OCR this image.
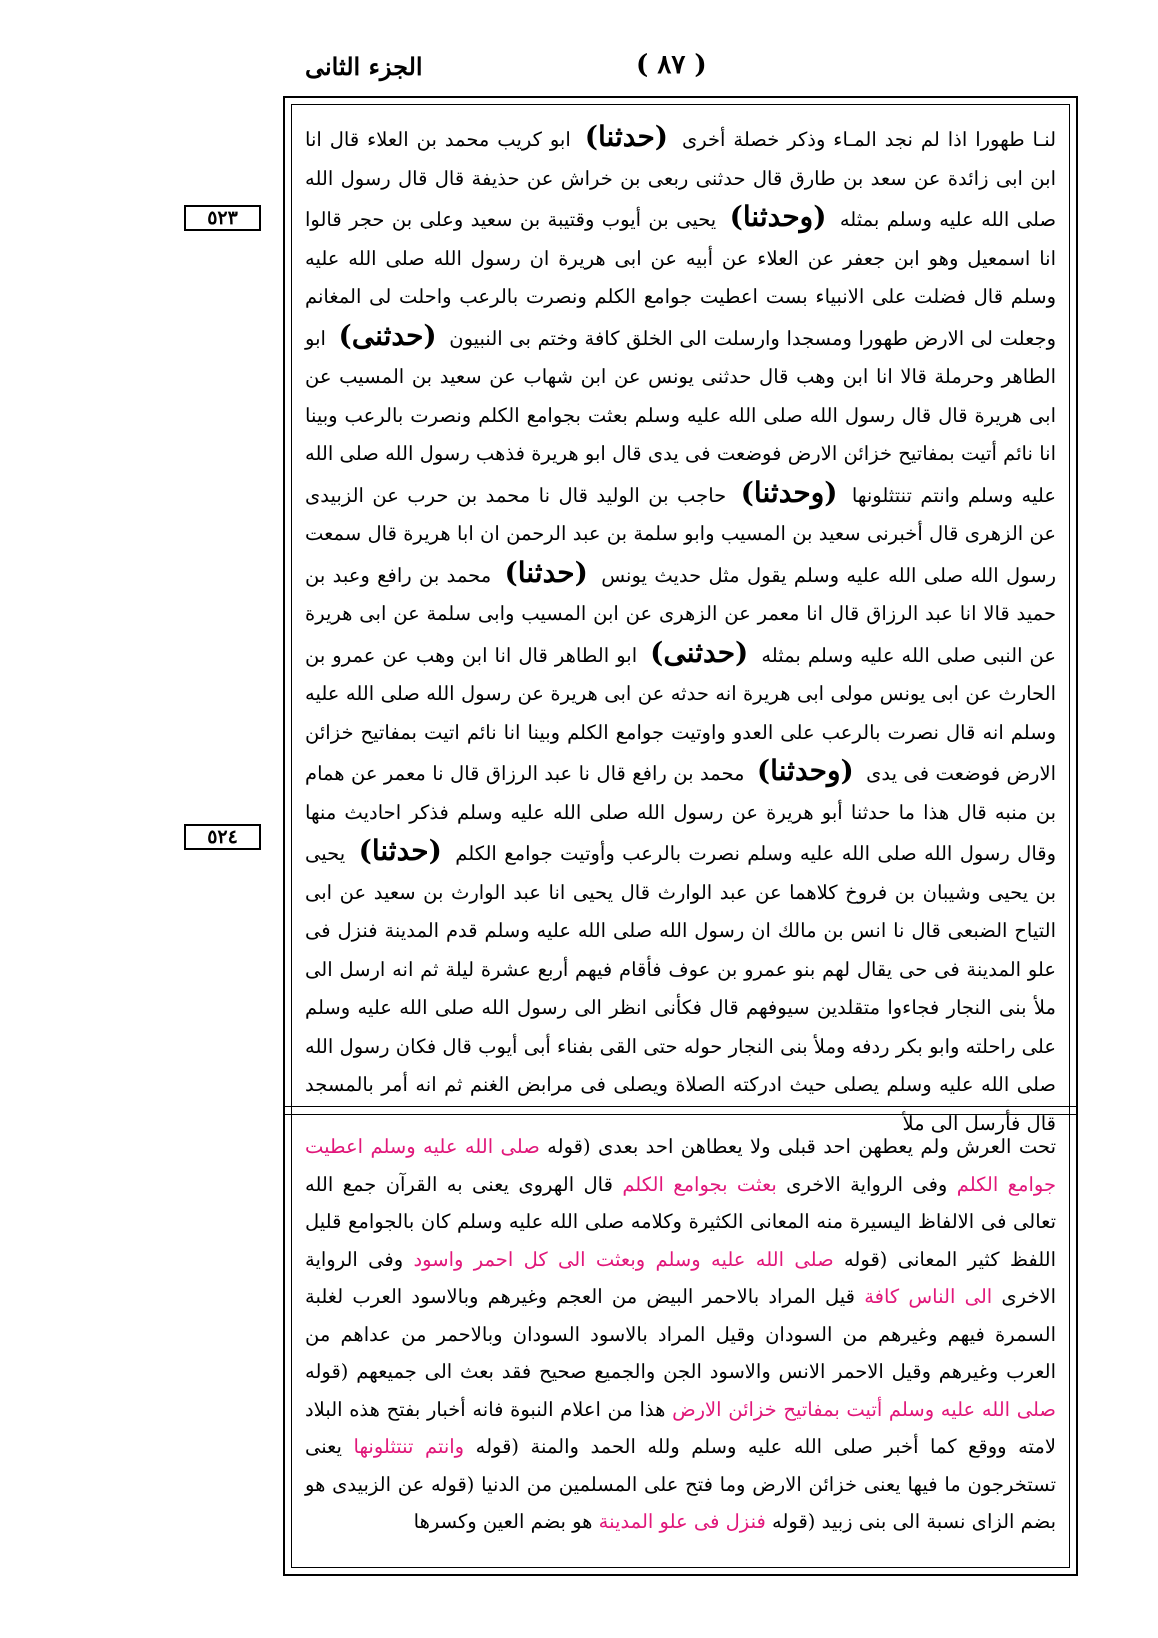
الجزء الثانى	( ٨٧ )
٥٢٣
٥٢٤
لنـا طهورا اذا لم نجد المـاء وذكر خصلة أخرى (حدثنا) ابو كريب محمد بن العلاء قال انا ابن ابى زائدة عن سعد بن طارق قال حدثنى ربعى بن خراش عن حذيفة قال قال رسول الله صلى الله عليه وسلم بمثله (وحدثنا) يحيى بن أيوب وقتيبة بن سعيد وعلى بن حجر قالوا انا اسمعيل وهو ابن جعفر عن العلاء عن أبيه عن ابى هريرة ان رسول الله صلى الله عليه وسلم قال فضلت على الانبياء بست اعطيت جوامع الكلم ونصرت بالرعب واحلت لى المغانم وجعلت لى الارض طهورا ومسجدا وارسلت الى الخلق كافة وختم بى النبيون (حدثنى) ابو الطاهر وحرملة قالا انا ابن وهب قال حدثنى يونس عن ابن شهاب عن سعيد بن المسيب عن ابى هريرة قال قال رسول الله صلى الله عليه وسلم بعثت بجوامع الكلم ونصرت بالرعب وبينا انا نائم أتيت بمفاتيح خزائن الارض فوضعت فى يدى قال ابو هريرة فذهب رسول الله صلى الله عليه وسلم وانتم تنتثلونها (وحدثنا) حاجب بن الوليد قال نا محمد بن حرب عن الزبيدى عن الزهرى قال أخبرنى سعيد بن المسيب وابو سلمة بن عبد الرحمن ان ابا هريرة قال سمعت رسول الله صلى الله عليه وسلم يقول مثل حديث يونس (حدثنا) محمد بن رافع وعبد بن حميد قالا انا عبد الرزاق قال انا معمر عن الزهرى عن ابن المسيب وابى سلمة عن ابى هريرة عن النبى صلى الله عليه وسلم بمثله (حدثنى) ابو الطاهر قال انا ابن وهب عن عمرو بن الحارث عن ابى يونس مولى ابى هريرة انه حدثه عن ابى هريرة عن رسول الله صلى الله عليه وسلم انه قال نصرت بالرعب على العدو واوتيت جوامع الكلم وبينا انا نائم اتيت بمفاتيح خزائن الارض فوضعت فى يدى (وحدثنا) محمد بن رافع قال نا عبد الرزاق قال نا معمر عن همام بن منبه قال هذا ما حدثنا أبو هريرة عن رسول الله صلى الله عليه وسلم فذكر احاديث منها وقال رسول الله صلى الله عليه وسلم نصرت بالرعب وأوتيت جوامع الكلم (حدثنا) يحيى بن يحيى وشيبان بن فروخ كلاهما عن عبد الوارث قال يحيى انا عبد الوارث بن سعيد عن ابى التياح الضبعى قال نا انس بن مالك ان رسول الله صلى الله عليه وسلم قدم المدينة فنزل فى علو المدينة فى حى يقال لهم بنو عمرو بن عوف فأقام فيهم أربع عشرة ليلة ثم انه ارسل الى ملأ بنى النجار فجاءوا متقلدين سيوفهم قال فكأنى انظر الى رسول الله صلى الله عليه وسلم على راحلته وابو بكر ردفه وملأ بنى النجار حوله حتى القى بفناء أبى أيوب قال فكان رسول الله صلى الله عليه وسلم يصلى حيث ادركته الصلاة ويصلى فى مرابض الغنم ثم انه أمر بالمسجد قال فأرسل الى ملأ
تحت العرش ولم يعطهن احد قبلى ولا يعطاهن احد بعدى (قوله صلى الله عليه وسلم اعطيت جوامع الكلم وفى الرواية الاخرى بعثت بجوامع الكلم قال الهروى يعنى به القرآن جمع الله تعالى فى الالفاظ اليسيرة منه المعانى الكثيرة وكلامه صلى الله عليه وسلم كان بالجوامع قليل اللفظ كثير المعانى (قوله صلى الله عليه وسلم وبعثت الى كل احمر واسود وفى الرواية الاخرى الى الناس كافة قيل المراد بالاحمر البيض من العجم وغيرهم وبالاسود العرب لغلبة السمرة فيهم وغيرهم من السودان وقيل المراد بالاسود السودان وبالاحمر من عداهم من العرب وغيرهم وقيل الاحمر الانس والاسود الجن والجميع صحيح فقد بعث الى جميعهم (قوله صلى الله عليه وسلم أتيت بمفاتيح خزائن الارض هذا من اعلام النبوة فانه أخبار بفتح هذه البلاد لامته ووقع كما أخبر صلى الله عليه وسلم ولله الحمد والمنة (قوله وانتم تنتثلونها يعنى تستخرجون ما فيها يعنى خزائن الارض وما فتح على المسلمين من الدنيا (قوله عن الزبيدى هو بضم الزاى نسبة الى بنى زبيد (قوله فنزل فى علو المدينة هو بضم العين وكسرها
